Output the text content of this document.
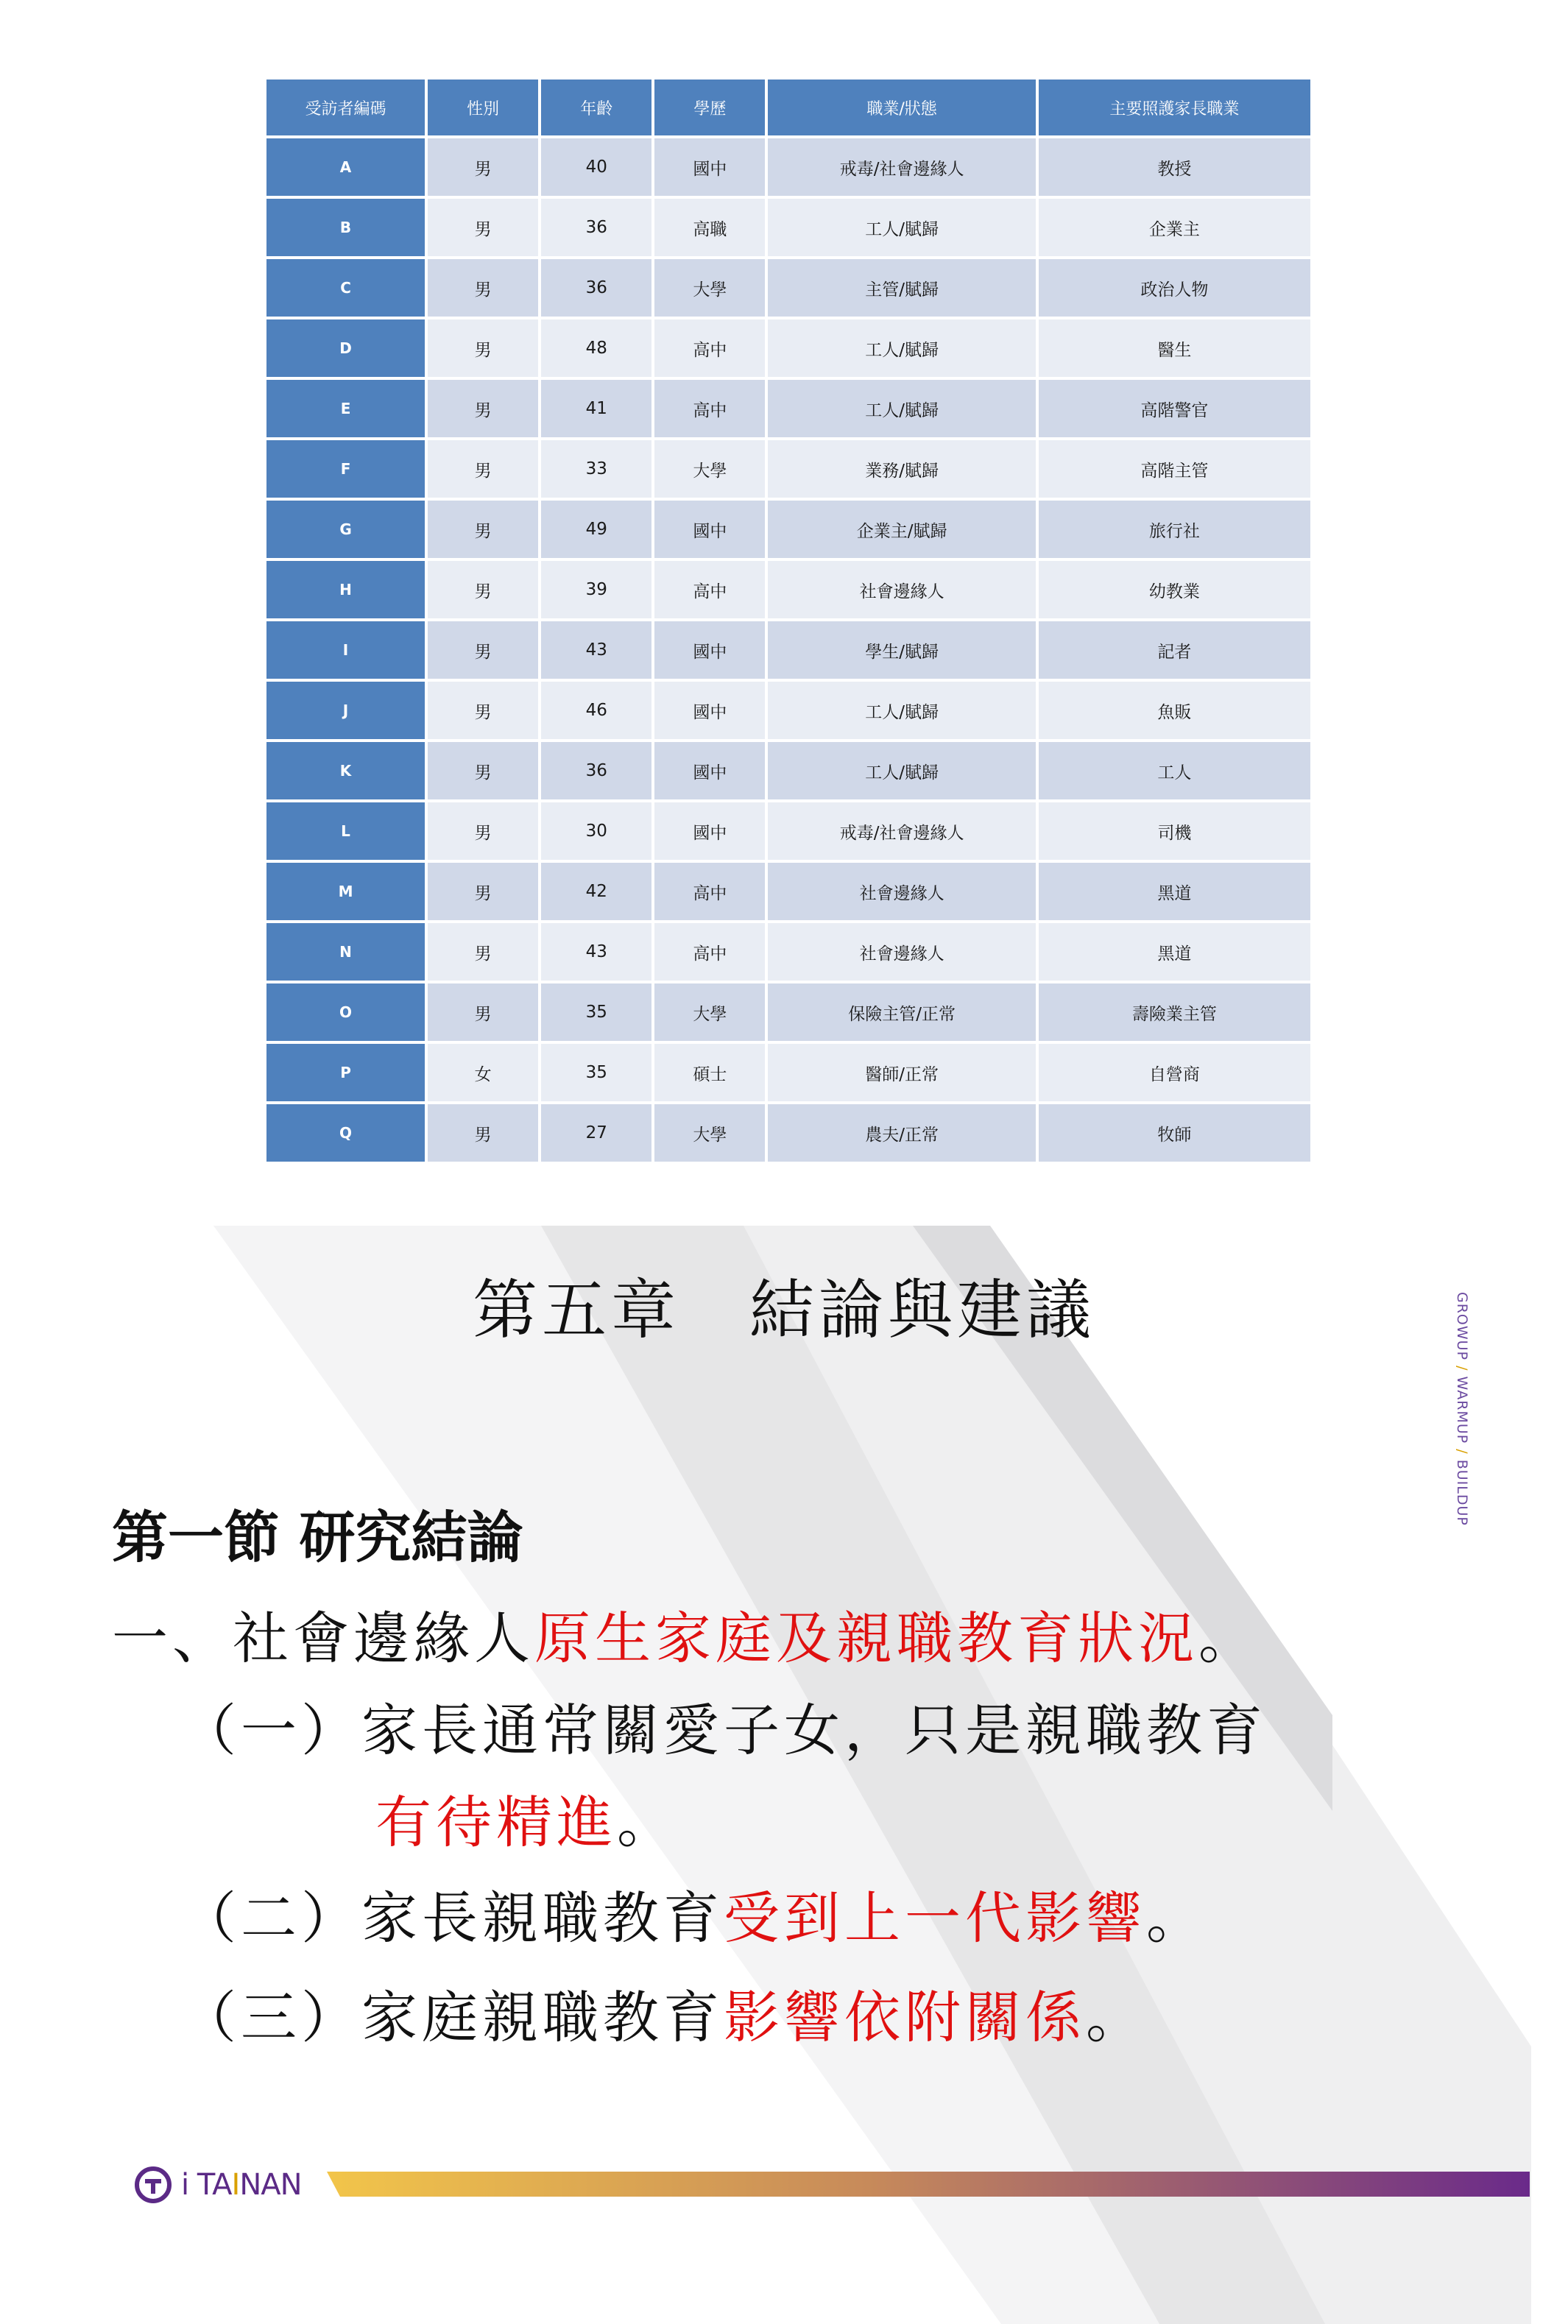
受訪者編碼	性別	年齡	學歷	職業/狀態	主要照護家長職業
A	男	40	國中	戒毒/社會邊緣人	教授
B	男	36	高職	工人/賦歸	企業主
C	男	36	大學	主管/賦歸	政治人物
D	男	48	高中	工人/賦歸	醫生
E	男	41	高中	工人/賦歸	高階警官
F	男	33	大學	業務/賦歸	高階主管
G	男	49	國中	企業主/賦歸	旅行社
H	男	39	高中	社會邊緣人	幼教業
I	男	43	國中	學生/賦歸	記者
J	男	46	國中	工人/賦歸	魚販
K	男	36	國中	工人/賦歸	工人
L	男	30	國中	戒毒/社會邊緣人	司機
M	男	42	高中	社會邊緣人	黑道
N	男	43	高中	社會邊緣人	黑道
O	男	35	大學	保險主管/正常	壽險業主管
P	女	35	碩士	醫師/正常	自營商
Q	男	27	大學	農夫/正常	牧師
GROWUP / WARMUP / BUILDUP
第五章　結論與建議
第一節 研究結論
一、社會邊緣人原生家庭及親職教育狀況。
（一）家長通常關愛子女，只是親職教育
有待精進。
（二）家長親職教育受到上一代影響。
（三）家庭親職教育影響依附關係。
i TAINAN
